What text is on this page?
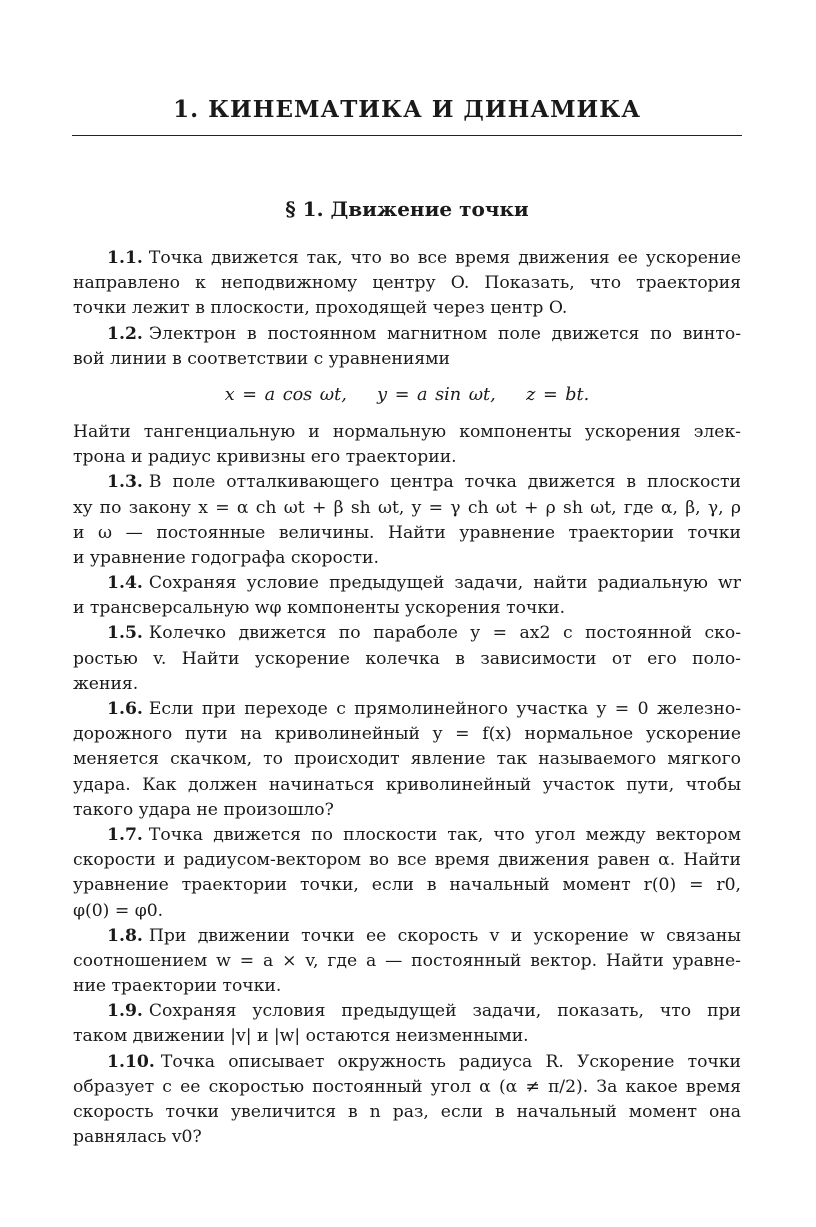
1. КИНЕМАТИКА И ДИНАМИКА
§ 1. Движение точки
1.1. Точка движется так, что во все время движения ее ускорение
направлено к неподвижному центру O. Показать, что траектория
точки лежит в плоскости, проходящей через центр O.
1.2. Электрон в постоянном магнитном поле движется по винто-
вой линии в соответствии с уравнениями
x = a cos ωt,    y = a sin ωt,    z = bt.
Найти тангенциальную и нормальную компоненты ускорения элек-
трона и радиус кривизны его траектории.
1.3. В поле отталкивающего центра точка движется в плоскости
xy по закону x = α ch ωt + β sh ωt, y = γ ch ωt + ρ sh ωt, где α, β, γ, ρ
и ω — постоянные величины. Найти уравнение траектории точки
и уравнение годографа скорости.
1.4. Сохраняя условие предыдущей задачи, найти радиальную wr
и трансверсальную wφ компоненты ускорения точки.
1.5. Колечко движется по параболе y = ax2 с постоянной ско-
ростью v. Найти ускорение колечка в зависимости от его поло-
жения.
1.6. Если при переходе с прямолинейного участка y = 0 железно-
дорожного пути на криволинейный y = f(x) нормальное ускорение
меняется скачком, то происходит явление так называемого мягкого
удара. Как должен начинаться криволинейный участок пути, чтобы
такого удара не произошло?
1.7. Точка движется по плоскости так, что угол между вектором
скорости и радиусом-вектором во все время движения равен α. Найти
уравнение траектории точки, если в начальный момент r(0) = r0,
φ(0) = φ0.
1.8. При движении точки ее скорость v и ускорение w связаны
соотношением w = a × v, где a — постоянный вектор. Найти уравне-
ние траектории точки.
1.9. Сохраняя условия предыдущей задачи, показать, что при
таком движении |v| и |w| остаются неизменными.
1.10. Точка описывает окружность радиуса R. Ускорение точки
образует с ее скоростью постоянный угол α (α ≠ π/2). За какое время
скорость точки увеличится в n раз, если в начальный момент она
равнялась v0?
